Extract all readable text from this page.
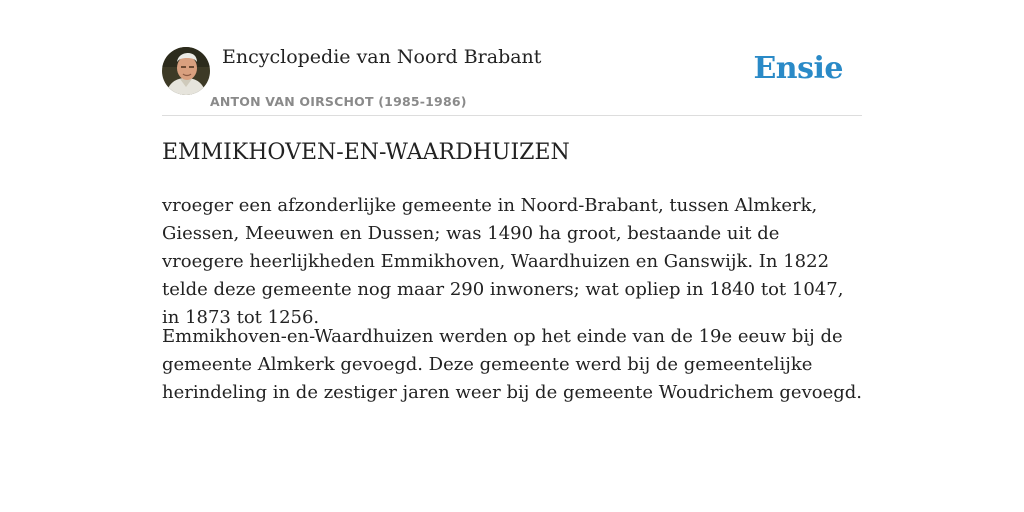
Encyclopedie van Noord Brabant
ANTON VAN OIRSCHOT (1985-1986)
Ensie
EMMIKHOVEN-EN-WAARDHUIZEN

vroeger een afzonderlijke gemeente in Noord-Brabant, tussen Almkerk, Giessen, Meeuwen en Dussen; was 1490 ha groot, bestaande uit de vroegere heerlijkheden Emmikhoven, Waardhuizen en Ganswijk. In 1822 telde deze gemeente nog maar 290 inwoners; wat opliep in 1840 tot 1047, in 1873 tot 1256.

Emmikhoven-en-Waardhuizen werden op het einde van de 19e eeuw bij de gemeente Almkerk gevoegd. Deze gemeente werd bij de gemeentelijke herindeling in de zestiger jaren weer bij de gemeente Woudrichem gevoegd.
